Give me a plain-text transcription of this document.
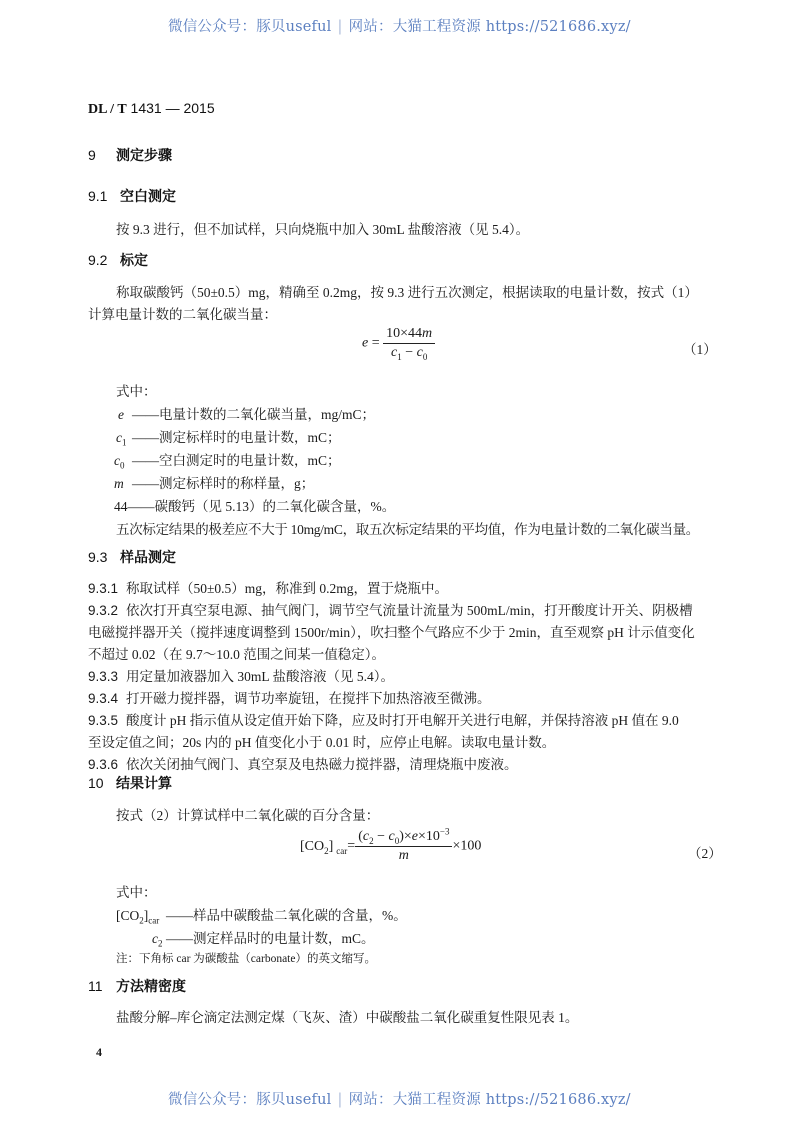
微信公众号：豚贝useful | 网站：大猫工程资源 https://521686.xyz/
DL / T 1431 — 2015
9 测定步骤
9.1 空白测定
按 9.3 进行，但不加试样，只向烧瓶中加入 30mL 盐酸溶液（见 5.4）。
9.2 标定
称取碳酸钙（50±0.5）mg，精确至 0.2mg，按 9.3 进行五次测定，根据读取的电量计数，按式（1）
计算电量计数的二氧化碳当量：
$e = \frac{10\times 44m}{c_1 - c_0}$	（1）
式中：
e ——电量计数的二氧化碳当量，mg/mC；
$c_1$ ——测定标样时的电量计数，mC；
$c_0$ ——空白测定时的电量计数，mC；
m ——测定标样时的称样量，g；
44——碳酸钙（见 5.13）的二氧化碳含量，%。
五次标定结果的极差应不大于 10mg/mC，取五次标定结果的平均值，作为电量计数的二氧化碳当量。
9.3 样品测定
9.3.1 称取试样（50±0.5）mg，称准到 0.2mg，置于烧瓶中。
9.3.2 依次打开真空泵电源、抽气阀门，调节空气流量计流量为 500mL/min，打开酸度计开关、阴极槽
电磁搅拌器开关（搅拌速度调整到 1500r/min），吹扫整个气路应不少于 2min，直至观察 pH 计示值变化
不超过 0.02（在 9.7～10.0 范围之间某一值稳定）。
9.3.3 用定量加液器加入 30mL 盐酸溶液（见 5.4）。
9.3.4 打开磁力搅拌器，调节功率旋钮，在搅拌下加热溶液至微沸。
9.3.5 酸度计 pH 指示值从设定值开始下降，应及时打开电解开关进行电解，并保持溶液 pH 值在 9.0
至设定值之间；20s 内的 pH 值变化小于 0.01 时，应停止电解。读取电量计数。
9.3.6 依次关闭抽气阀门、真空泵及电热磁力搅拌器，清理烧瓶中废液。
10 结果计算
按式（2）计算试样中二氧化碳的百分含量：
$[CO_2]$ $_{car}= \frac{(c_2 - c_0)\times e\times 10^{-3}}{m} \times 100$	（2）
式中：
$[CO_2]_{car}$ ——样品中碳酸盐二氧化碳的含量，%。
$c_2$ ——测定样品时的电量计数，mC。
注：下角标 car 为碳酸盐（carbonate）的英文缩写。
11 方法精密度
盐酸分解–库仑滴定法测定煤（飞灰、渣）中碳酸盐二氧化碳重复性限见表 1。
4
微信公众号：豚贝useful | 网站：大猫工程资源 https://521686.xyz/
